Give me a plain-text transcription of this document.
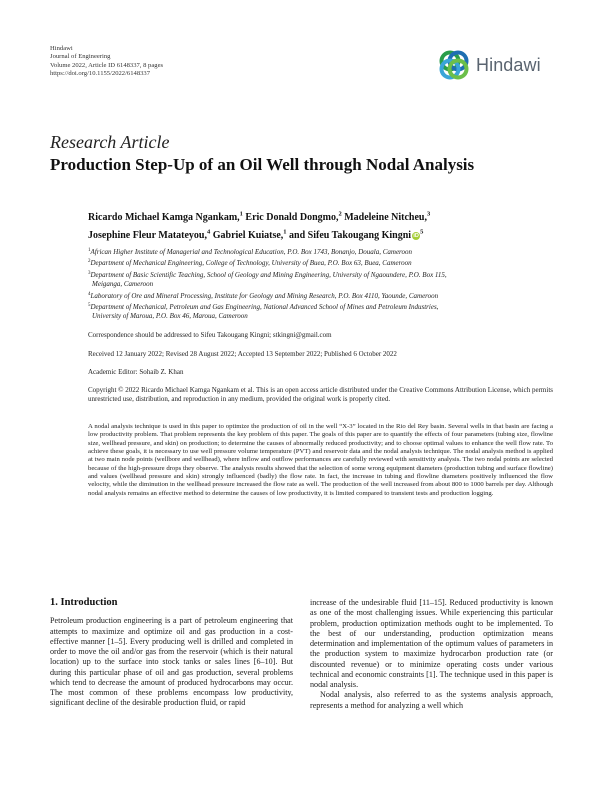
Hindawi
Journal of Engineering
Volume 2022, Article ID 6148337, 8 pages
https://doi.org/10.1155/2022/6148337	Hindawi
Research Article
Production Step-Up of an Oil Well through Nodal Analysis
Ricardo Michael Kamga Ngankam,$^1$ Eric Donald Dongmo,$^2$ Madeleine Nitcheu,$^3$
Josephine Fleur Matateyou,$^4$ Gabriel Kuiatse,$^1$ and Sifeu Takougang Kingni $iD^5$
$^1$African Higher Institute of Managerial and Technological Education, P.O. Box 1743, Bonanjo, Douala, Cameroon
$^2$Department of Mechanical Engineering, College of Technology, University of Buea, P.O. Box 63, Buea, Cameroon
$^3$Department of Basic Scientific Teaching, School of Geology and Mining Engineering, University of Ngaoundere, P.O. Box 115,
Meiganga, Cameroon
$^4$Laboratory of Ore and Mineral Processing, Institute for Geology and Mining Research, P.O. Box 4110, Yaounde, Cameroon
$^5$Department of Mechanical, Petroleum and Gas Engineering, National Advanced School of Mines and Petroleum Industries,
University of Maroua, P.O. Box 46, Maroua, Cameroon
Correspondence should be addressed to Sifeu Takougang Kingni; stkingni@gmail.com
Received 12 January 2022; Revised 28 August 2022; Accepted 13 September 2022; Published 6 October 2022
Academic Editor: Sohaib Z. Khan
Copyright © 2022 Ricardo Michael Kamga Ngankam et al. This is an open access article distributed under the Creative Commons Attribution License, which permits unrestricted use, distribution, and reproduction in any medium, provided the original work is properly cited.
A nodal analysis technique is used in this paper to optimize the production of oil in the well “X-3” located in the Rio del Rey basin. Several wells in that basin are facing a low productivity problem. That problem represents the key problem of this paper. The goals of this paper are to quantify the effects of four parameters (tubing size, flowline size, wellhead pressure, and skin) on production; to determine the causes of abnormally reduced productivity; and to choose optimal values to enhance the well flow rate. To achieve these goals, it is necessary to use well pressure volume temperature (PVT) and reservoir data and the nodal analysis technique. The nodal analysis method is applied at two main node points (wellbore and wellhead), where inflow and outflow performances are carefully reviewed with sensitivity analysis. The two nodal points are selected because of the high-pressure drops they observe. The analysis results showed that the selection of some wrong equipment diameters (production tubing and surface flowline) and values (wellhead pressure and skin) strongly influenced (badly) the flow rate. In fact, the increase in tubing and flowline diameters positively influenced the flow velocity, while the diminution in the wellhead pressure increased the flow rate as well. The production of the well increased from about 800 to 1000 barrels per day. Although nodal analysis remains an effective method to determine the causes of low productivity, it is limited compared to transient tests and production logging.
1. Introduction

Petroleum production engineering is a part of petroleum engineering that attempts to maximize and optimize oil and gas production in a cost-effective manner [1–5]. Every producing well is drilled and completed in order to move the oil and/or gas from the reservoir (which is their natural location) up to the surface into stock tanks or sales lines [6–10]. But during this particular phase of oil and gas production, several problems which tend to decrease the amount of produced hydrocarbons may occur. The most common of these problems encompass low productivity, significant decline of the desirable production fluid, or rapid

increase of the undesirable fluid [11–15]. Reduced productivity is known as one of the most challenging issues. While experiencing this particular problem, production optimization methods ought to be implemented. To the best of our understanding, production optimization means determination and implementation of the optimum values of parameters in the production system to maximize hydrocarbon production rate (or discounted revenue) or to minimize operating costs under various technical and economic constraints [1]. The technique used in this paper is nodal analysis.

Nodal analysis, also referred to as the systems analysis approach, represents a method for analyzing a well which
